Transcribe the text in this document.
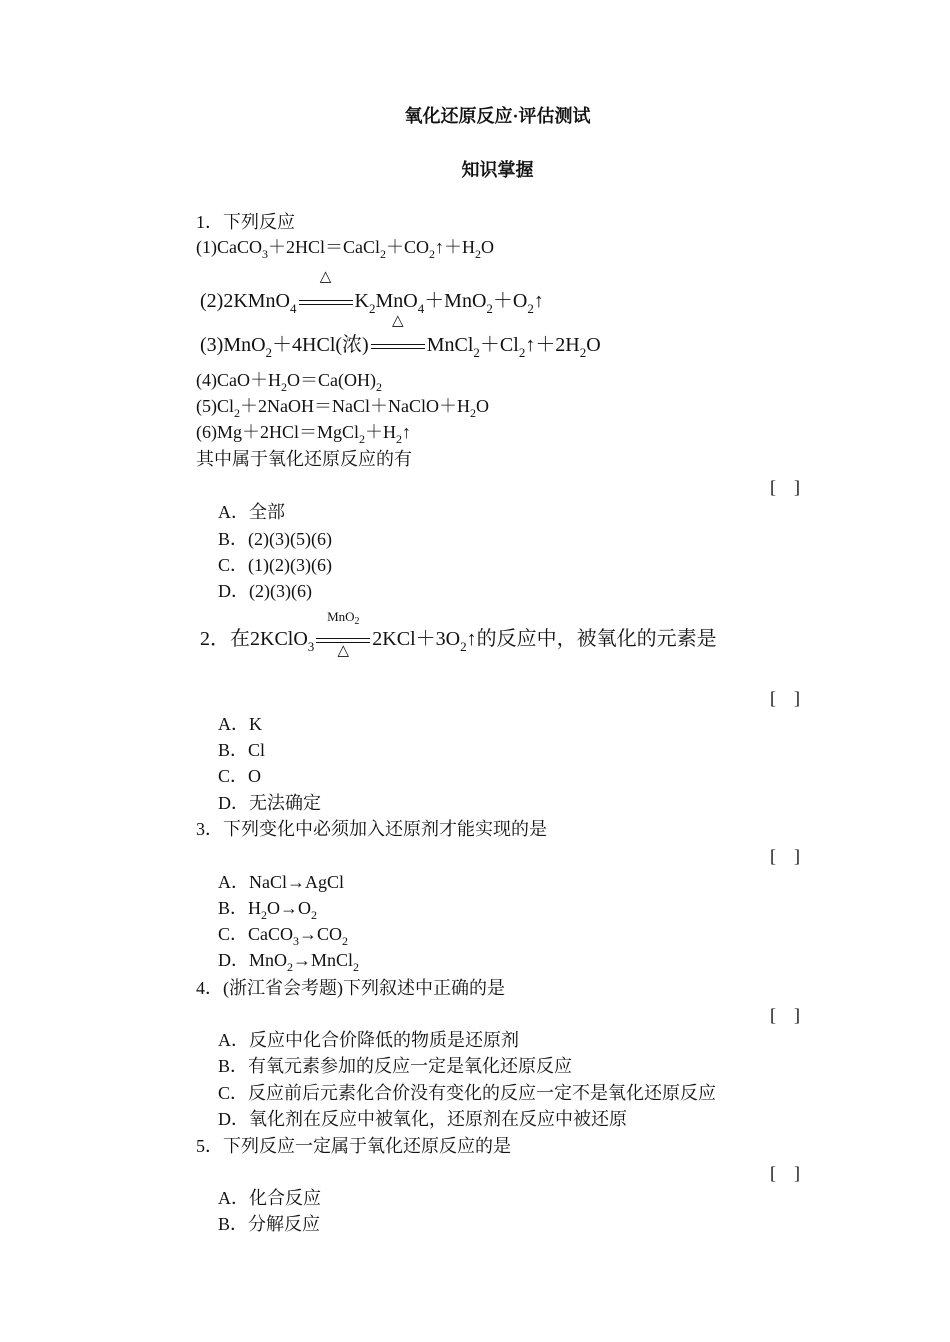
氧化还原反应·评估测试
知识掌握
1．下列反应
$(1)CaCO_3+2HCl=CaCl_2+CO_2↑+H_2O$
(2)2KMnO$_4$
△
$K_2MnO_4+MnO_2+O_2↑$
(3)MnO$_2$＋4HCl(浓)
△
$MnCl_2+Cl_2↑+2H_2O$
$(4)CaO+H_2O=Ca(OH)_2$
$(5)Cl_2+2NaOH=NaCl+NaClO+H_2O$
$(6)Mg+2HCl=MgCl_2+H_2↑$
其中属于氧化还原反应的有
[　]
A．全部
B．(2)(3)(5)(6)
C．(1)(2)(3)(6)
D．(2)(3)(6)
2．在2KClO$_3$
MnO$_2$
△
$2KCl+3O_2↑$的反应中，被氧化的元素是
[　]
A．K
B．Cl
C．O
D．无法确定
3．下列变化中必须加入还原剂才能实现的是
[　]
A．NaCl→AgCl
B．$H_2O\to O_2$
C．$CaCO_3\to CO_2$
D．MnO$_2$→MnCl$_2$
4．(浙江省会考题)下列叙述中正确的是
[　]
A．反应中化合价降低的物质是还原剂
B．有氧元素参加的反应一定是氧化还原反应
C．反应前后元素化合价没有变化的反应一定不是氧化还原反应
D．氧化剂在反应中被氧化，还原剂在反应中被还原
5．下列反应一定属于氧化还原反应的是
[　]
A．化合反应
B．分解反应
